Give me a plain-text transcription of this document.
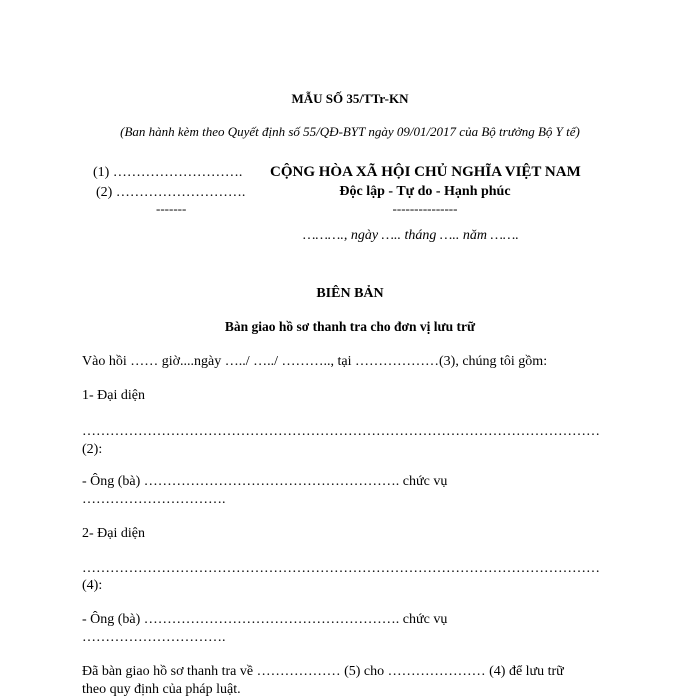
MẪU SỐ 35/TTr-KN
(Ban hành kèm theo Quyết định số 55/QĐ-BYT ngày 09/01/2017 của Bộ trưởng Bộ Y tế)
(1) ……………………….
(2) ……………………….
-------
CỘNG HÒA XÃ HỘI CHỦ NGHĨA VIỆT NAM
Độc lập - Tự do - Hạnh phúc
---------------
………., ngày ….. tháng ….. năm …….
BIÊN BẢN
Bàn giao hồ sơ thanh tra cho đơn vị lưu trữ
Vào hồi …… giờ....ngày …../ …../ ……….., tại ………………(3), chúng tôi gồm:
1- Đại diện
…………………………………………………………………………………………………
(2):
- Ông (bà) ………………………………………………. chức vụ
………………………….
2- Đại diện
…………………………………………………………………………………………………
(4):
- Ông (bà) ………………………………………………. chức vụ
………………………….
Đã bàn giao hồ sơ thanh tra về ……………… (5) cho ………………… (4) để lưu trữ
theo quy định của pháp luật.
